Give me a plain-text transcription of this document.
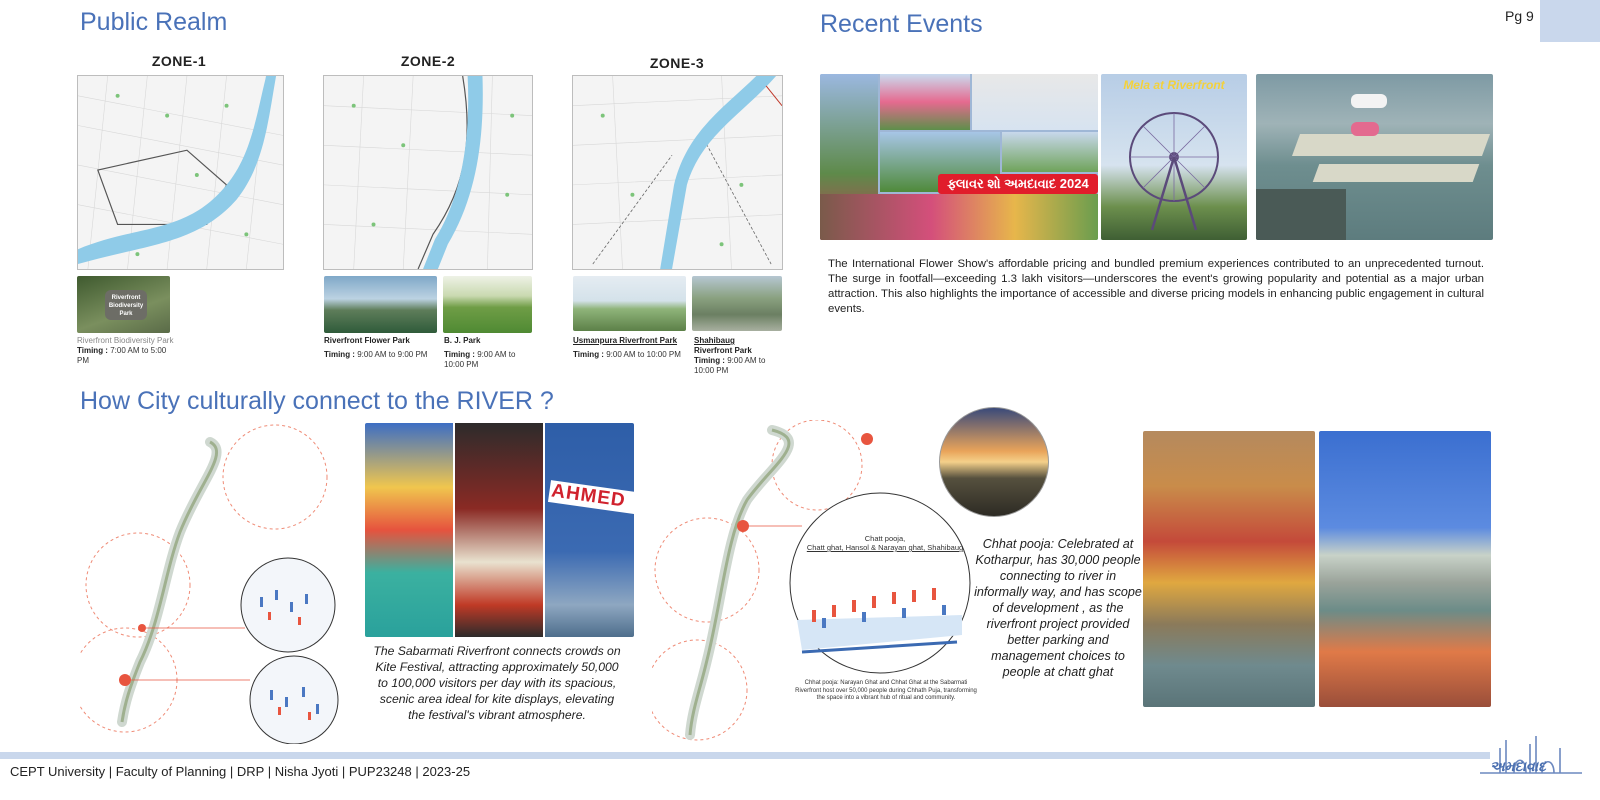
Public Realm
ZONE-1	ZONE-2	ZONE-3
Riverfront Biodiversity Park
Riverfront Biodiversity Park
Timing : 7:00 AM to 5:00 PM
Riverfront Flower Park
Timing : 9:00 AM to 9:00 PM
B. J. Park
Timing : 9:00 AM to 10:00 PM
Usmanpura Riverfront Park
Timing : 9:00 AM to 10:00 PM
Shahibaug
Riverfront Park
Timing : 9:00 AM to 10:00 PM
Recent Events	Pg 9
ફ્લાવર શો અમદાવાદ 2024
Mela at Riverfront
The International Flower Show's affordable pricing and bundled premium experiences contributed to an unprecedented turnout. The surge in footfall—exceeding 1.3 lakh visitors—underscores the event's growing popularity and potential as a major urban attraction. This also highlights the importance of accessible and diverse pricing models in enhancing public engagement in cultural events.
How City culturally connect to the RIVER ?
AHMED
The Sabarmati Riverfront connects crowds on Kite Festival, attracting approximately 50,000 to 100,000 visitors per day with its spacious, scenic area ideal for kite displays, elevating the festival's vibrant atmosphere.
Chatt pooja,
Chatt ghat, Hansol & Narayan ghat, Shahibaug
Chhat pooja: Narayan Ghat and Chhat Ghat at the Sabarmati Riverfront host over 50,000 people during Chhath Puja, transforming the space into a vibrant hub of ritual and community.
Chhat pooja: Celebrated at Kotharpur, has 30,000 people connecting to river in informally way, and has scope of development , as the riverfront project provided better parking and management choices to people at chatt ghat
CEPT University | Faculty of Planning | DRP | Nisha Jyoti | PUP23248 | 2023-25	અમદાવાદ
